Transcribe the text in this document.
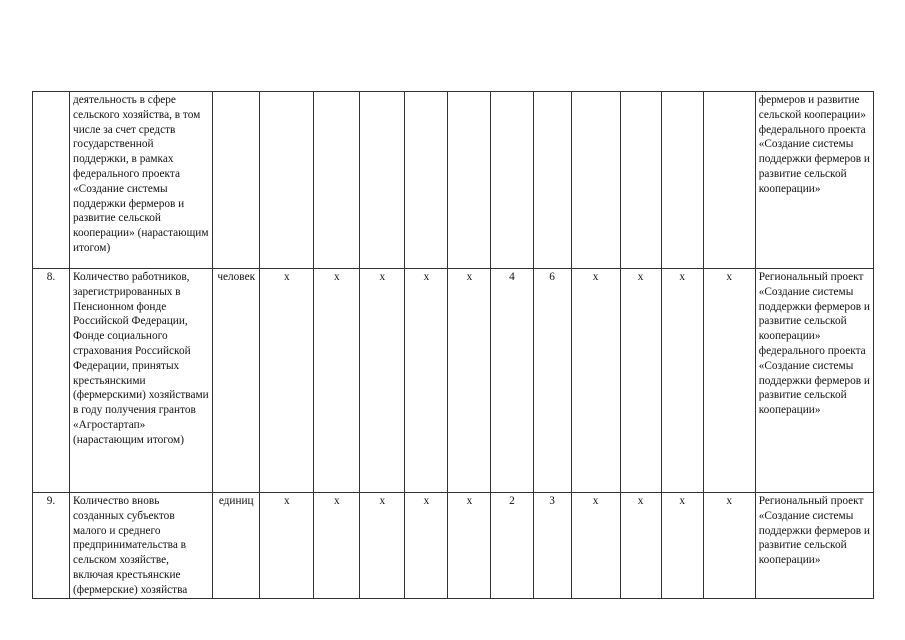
	деятельность в сфере сельского хозяйства, в том числе за счет средств государственной поддержки, в рамках федерального проекта «Создание системы поддержки фермеров и развитие сельской кооперации» (нарастающим итогом)													фермеров и развитие сельской кооперации» федерального проекта «Создание системы поддержки фермеров и развитие сельской кооперации»
8.	Количество работников, зарегистрированных в Пенсионном фонде Российской Федерации, Фонде социального страхования Российской Федерации, принятых крестьянскими (фермерскими) хозяйствами в году получения грантов «Агростартап» (нарастающим итогом)	человек	х	х	х	х	х	4	6	х	х	х	х	Региональный проект «Создание системы поддержки фермеров и развитие сельской кооперации» федерального проекта «Создание системы поддержки фермеров и развитие сельской кооперации»
9.	Количество вновь созданных субъектов малого и среднего предпринимательства в сельском хозяйстве, включая крестьянские (фермерские) хозяйства	единиц	х	х	х	х	х	2	3	х	х	х	х	Региональный проект «Создание системы поддержки фермеров и развитие сельской кооперации»
